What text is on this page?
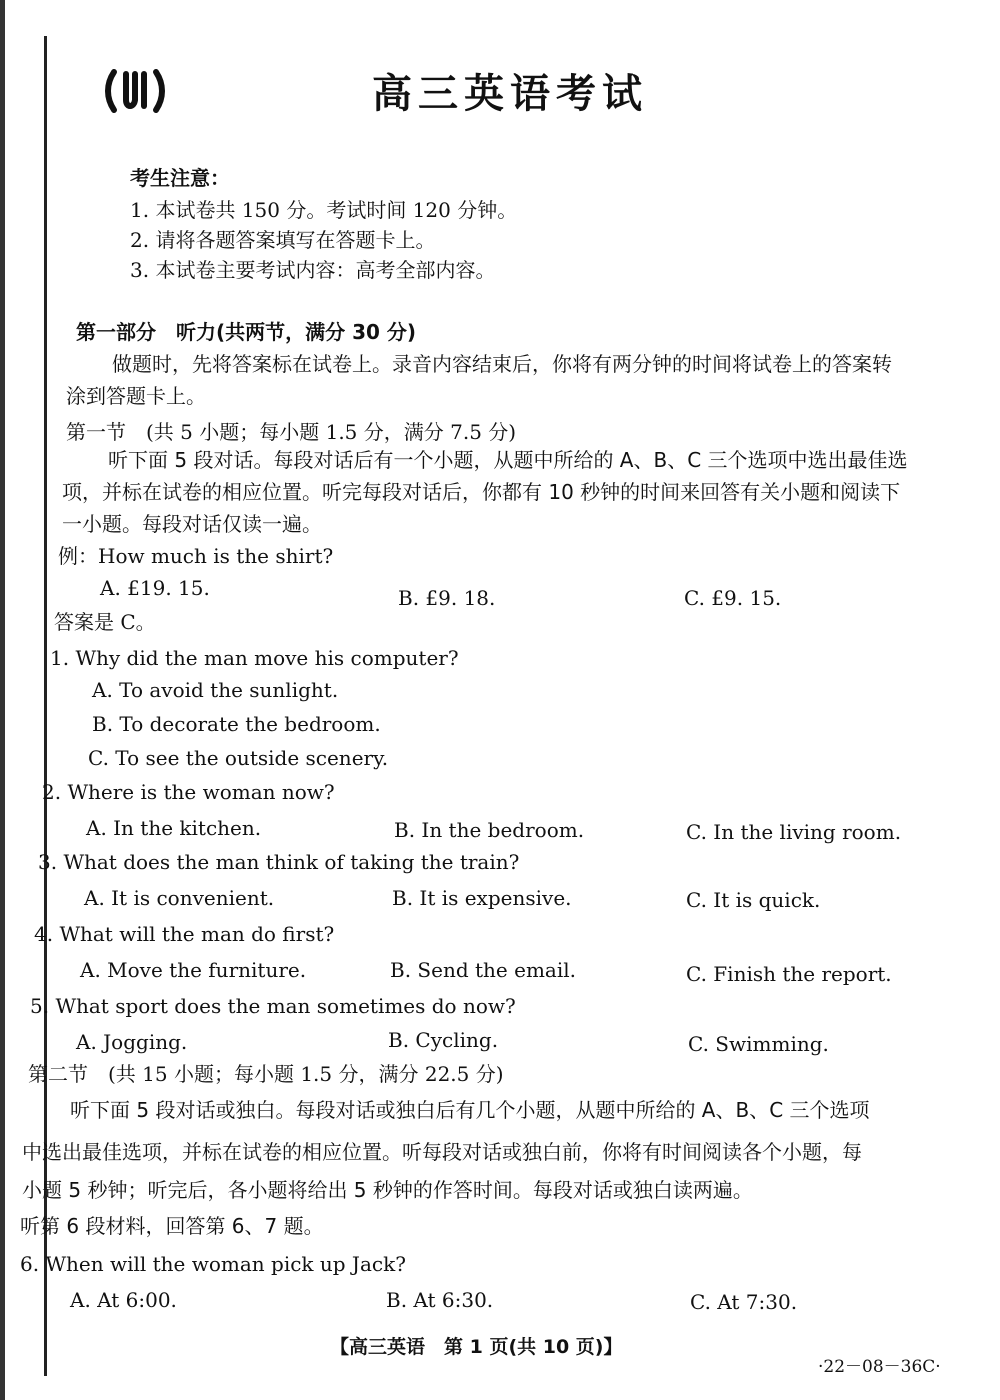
高三英语考试
考生注意：
1. 本试卷共 150 分。考试时间 120 分钟。
2. 请将各题答案填写在答题卡上。
3. 本试卷主要考试内容：高考全部内容。
第一部分　听力(共两节，满分 30 分)
做题时，先将答案标在试卷上。录音内容结束后，你将有两分钟的时间将试卷上的答案转
涂到答题卡上。
第一节　(共 5 小题；每小题 1.5 分，满分 7.5 分)
听下面 5 段对话。每段对话后有一个小题，从题中所给的 A、B、C 三个选项中选出最佳选
项，并标在试卷的相应位置。听完每段对话后，你都有 10 秒钟的时间来回答有关小题和阅读下
一小题。每段对话仅读一遍。
例：How much is the shirt?
A. £19. 15.	B. £9. 18.	C. £9. 15.
答案是 C。
1. Why did the man move his computer?
A. To avoid the sunlight.
B. To decorate the bedroom.
C. To see the outside scenery.
2. Where is the woman now?
A. In the kitchen.	B. In the bedroom.	C. In the living room.
3. What does the man think of taking the train?
A. It is convenient.	B. It is expensive.	C. It is quick.
4. What will the man do first?
A. Move the furniture.	B. Send the email.	C. Finish the report.
5. What sport does the man sometimes do now?
A. Jogging.	B. Cycling.	C. Swimming.
第二节　(共 15 小题；每小题 1.5 分，满分 22.5 分)
听下面 5 段对话或独白。每段对话或独白后有几个小题，从题中所给的 A、B、C 三个选项
中选出最佳选项，并标在试卷的相应位置。听每段对话或独白前，你将有时间阅读各个小题，每
小题 5 秒钟；听完后，各小题将给出 5 秒钟的作答时间。每段对话或独白读两遍。
听第 6 段材料，回答第 6、7 题。
6. When will the woman pick up Jack?
A. At 6:00.	B. At 6:30.	C. At 7:30.
【高三英语　第 1 页(共 10 页)】
·22－08－36C·
